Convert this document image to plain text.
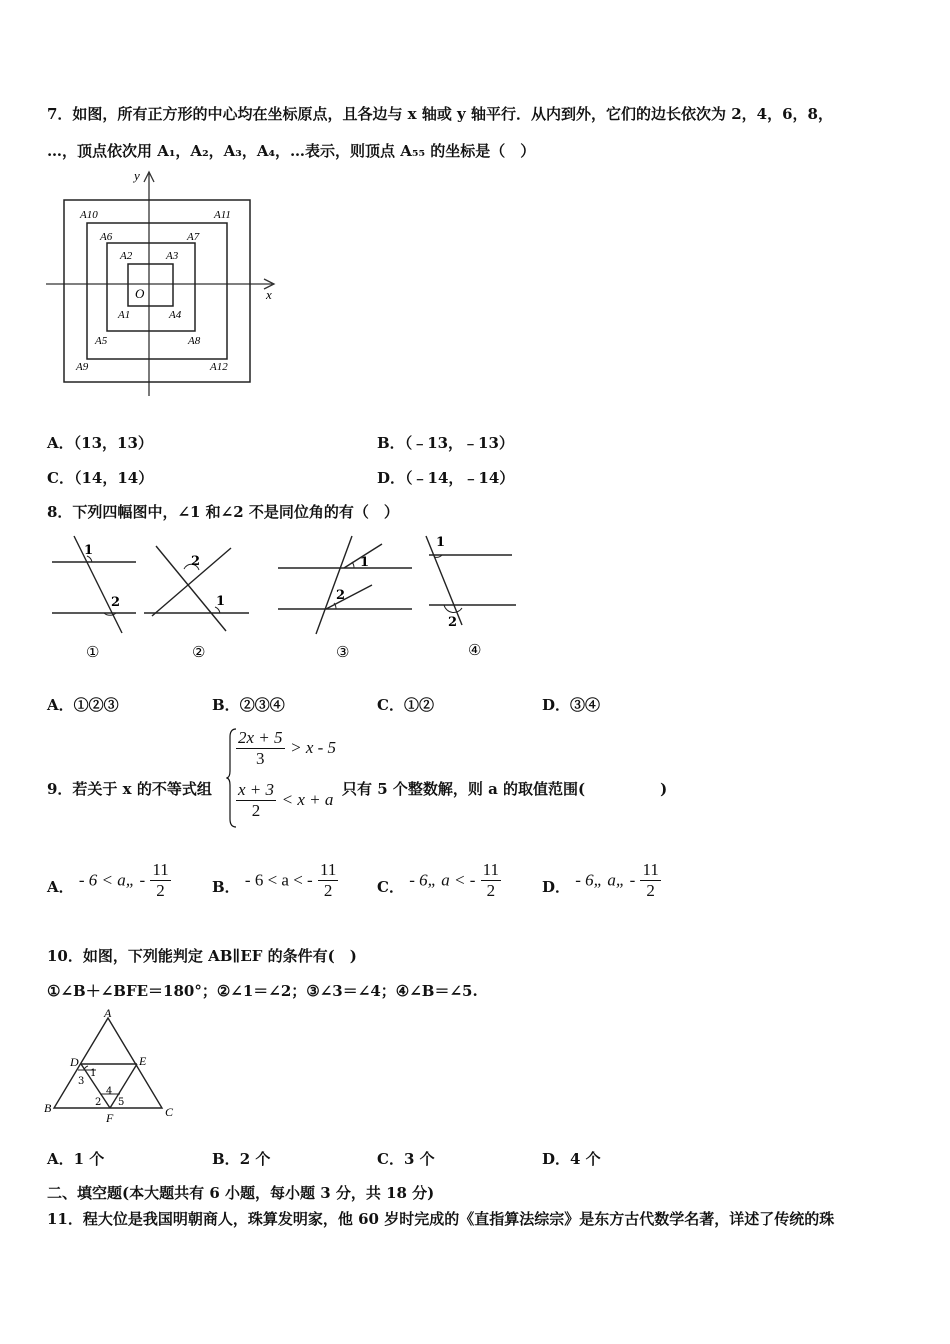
7．如图，所有正方形的中心均在坐标原点，且各边与 x 轴或 y 轴平行．从内到外，它们的边长依次为 2，4，6，8，
…，顶点依次用 A₁，A₂，A₃，A₄，…表示，则顶点 A₅₅ 的坐标是（　）
y
x
O
A10	A11
A6	A7
A2	A3
A1	A4
A5	A8
A9	A12
A．（13，13）	B．（﹣13，﹣13）
C．（14，14）	D．（﹣14，﹣14）
8．下列四幅图中，∠1 和∠2 不是同位角的有（　）
1
2
①
2
1
②
1
2
③
1
2
④
A．①②③	B．②③④	C．①②	D．③④
9．若关于 x 的不等式组
$\frac{2x + 5}{3} > x - 5$
$\frac{x + 3}{2} < x + a$
只有 5 个整数解，则 a 的取值范围(　　　　　)
A． - 6 < a„ - $\frac{11}{2}$	B． - 6 < a < - $\frac{11}{2}$	C． - 6„ a < - $\frac{11}{2}$	D． - 6„ a„ - $\frac{11}{2}$
10．如图，下列能判定 AB∥EF 的条件有(　)
①∠B＋∠BFE＝180°；②∠1＝∠2；③∠3＝∠4；④∠B＝∠5.
A
D	E
B
F	C
1
2
3
4
5
A．1 个	B．2 个	C．3 个	D．4 个
二、填空题(本大题共有 6 小题，每小题 3 分，共 18 分)
11．程大位是我国明朝商人，珠算发明家，他 60 岁时完成的《直指算法综宗》是东方古代数学名著，详述了传统的珠
